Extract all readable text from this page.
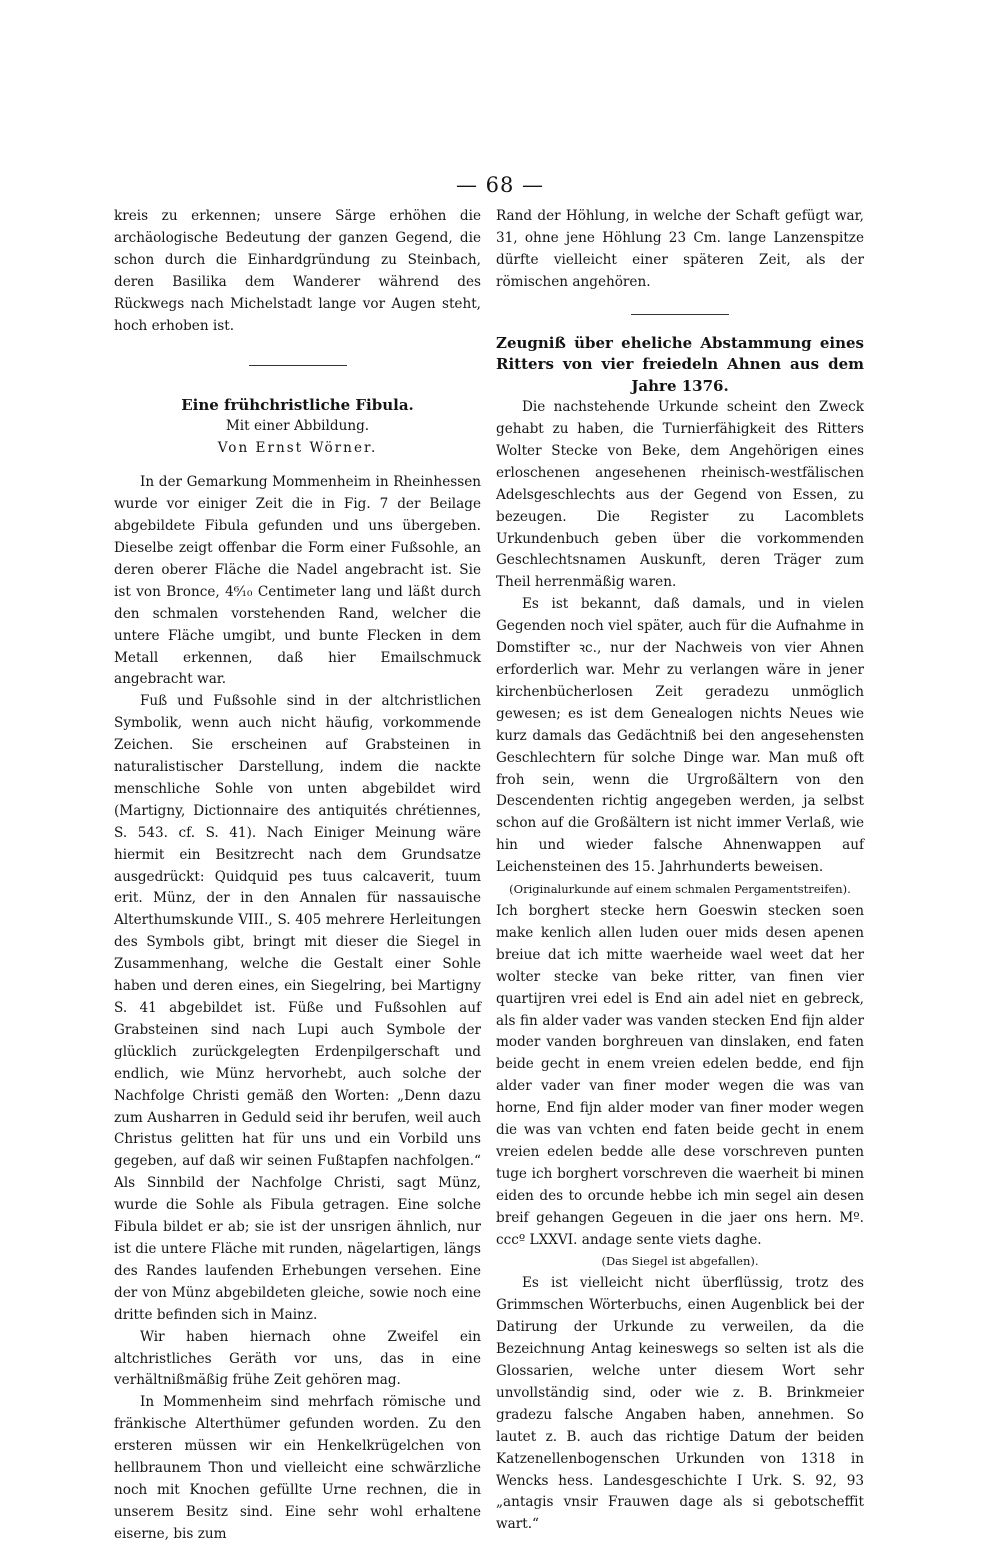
— 68 —

kreis zu erkennen; unsere Särge erhöhen die archäologische Bedeutung der ganzen Gegend, die schon durch die Einhardgründung zu Steinbach, deren Basilika dem Wanderer während des Rückwegs nach Michelstadt lange vor Augen steht, hoch erhoben ist.

Eine frühchristliche Fibula.

Mit einer Abbildung.

Von Ernst Wörner.

In der Gemarkung Mommenheim in Rheinhessen wurde vor einiger Zeit die in Fig. 7 der Beilage abgebildete Fibula gefunden und uns übergeben. Dieselbe zeigt offenbar die Form einer Fußsohle, an deren oberer Fläche die Nadel angebracht ist. Sie ist von Bronce, 4⁶⁄₁₀ Centimeter lang und läßt durch den schmalen vorstehenden Rand, welcher die untere Fläche umgibt, und bunte Flecken in dem Metall erkennen, daß hier Emailschmuck angebracht war.

Fuß und Fußsohle sind in der altchristlichen Symbolik, wenn auch nicht häufig, vorkommende Zeichen. Sie erscheinen auf Grabsteinen in naturalistischer Darstellung, indem die nackte menschliche Sohle von unten abgebildet wird (Martigny, Dictionnaire des antiquités chrétiennes, S. 543. cf. S. 41). Nach Einiger Meinung wäre hiermit ein Besitzrecht nach dem Grundsatze ausgedrückt: Quidquid pes tuus calcaverit, tuum erit. Münz, der in den Annalen für nassauische Alterthumskunde VIII., S. 405 mehrere Herleitungen des Symbols gibt, bringt mit dieser die Siegel in Zusammenhang, welche die Gestalt einer Sohle haben und deren eines, ein Siegelring, bei Martigny S. 41 abgebildet ist. Füße und Fußsohlen auf Grabsteinen sind nach Lupi auch Symbole der glücklich zurückgelegten Erdenpilgerschaft und endlich, wie Münz hervorhebt, auch solche der Nachfolge Christi gemäß den Worten: „Denn dazu zum Ausharren in Geduld seid ihr berufen, weil auch Christus gelitten hat für uns und ein Vorbild uns gegeben, auf daß wir seinen Fußtapfen nachfolgen.“ Als Sinnbild der Nachfolge Christi, sagt Münz, wurde die Sohle als Fibula getragen. Eine solche Fibula bildet er ab; sie ist der unsrigen ähnlich, nur ist die untere Fläche mit runden, nägelartigen, längs des Randes laufenden Erhebungen versehen. Eine der von Münz abgebildeten gleiche, sowie noch eine dritte befinden sich in Mainz.

Wir haben hiernach ohne Zweifel ein altchristliches Geräth vor uns, das in eine verhältnißmäßig frühe Zeit gehören mag.

In Mommenheim sind mehrfach römische und fränkische Alterthümer gefunden worden. Zu den ersteren müssen wir ein Henkelkrügelchen von hellbraunem Thon und vielleicht eine schwärzliche noch mit Knochen gefüllte Urne rechnen, die in unserem Besitz sind. Eine sehr wohl erhaltene eiserne, bis zum

Rand der Höhlung, in welche der Schaft gefügt war, 31, ohne jene Höhlung 23 Cm. lange Lanzenspitze dürfte vielleicht einer späteren Zeit, als der römischen angehören.

Zeugniß über eheliche Abstammung eines Ritters von vier freiedeln Ahnen aus dem Jahre 1376.

Die nachstehende Urkunde scheint den Zweck gehabt zu haben, die Turnierfähigkeit des Ritters Wolter Stecke von Beke, dem Angehörigen eines erloschenen angesehenen rheinisch-westfälischen Adelsgeschlechts aus der Gegend von Essen, zu bezeugen. Die Register zu Lacomblets Urkundenbuch geben über die vorkommenden Geschlechtsnamen Auskunft, deren Träger zum Theil herrenmäßig waren.

Es ist bekannt, daß damals, und in vielen Gegenden noch viel später, auch für die Aufnahme in Domstifter ꝛc., nur der Nachweis von vier Ahnen erforderlich war. Mehr zu verlangen wäre in jener kirchenbücherlosen Zeit geradezu unmöglich gewesen; es ist dem Genealogen nichts Neues wie kurz damals das Gedächtniß bei den angesehensten Geschlechtern für solche Dinge war. Man muß oft froh sein, wenn die Urgroßältern von den Descendenten richtig angegeben werden, ja selbst schon auf die Großältern ist nicht immer Verlaß, wie hin und wieder falsche Ahnenwappen auf Leichensteinen des 15. Jahrhunderts beweisen.

(Originalurkunde auf einem schmalen Pergamentstreifen).

Ich borghert stecke hern Goeswin stecken soen make kenlich allen luden ouer mids desen apenen breiue dat ich mitte waerheide wael weet dat her wolter stecke van beke ritter, van finen vier quartijren vrei edel is End ain adel niet en gebreck, als fin alder vader was vanden stecken End fijn alder moder vanden borghreuen van dinslaken, end faten beide gecht in enem vreien edelen bedde, end fijn alder vader van finer moder wegen die was van horne, End fijn alder moder van finer moder wegen die was van vchten end faten beide gecht in enem vreien edelen bedde alle dese vorschreven punten tuge ich borghert vorschreven die waerheit bi minen eiden des to orcunde hebbe ich min segel ain desen breif gehangen Gegeuen in die jaer ons hern. Mº. cccº LXXVI. andage sente viets daghe.

(Das Siegel ist abgefallen).

Es ist vielleicht nicht überflüssig, trotz des Grimmschen Wörterbuchs, einen Augenblick bei der Datirung der Urkunde zu verweilen, da die Bezeichnung Antag keineswegs so selten ist als die Glossarien, welche unter diesem Wort sehr unvollständig sind, oder wie z. B. Brinkmeier gradezu falsche Angaben haben, annehmen. So lautet z. B. auch das richtige Datum der beiden Katzenellenbogenschen Urkunden von 1318 in Wencks hess. Landesgeschichte I Urk. S. 92, 93 „antagis vnsir Frauwen dage als si gebotscheffit wart.“
